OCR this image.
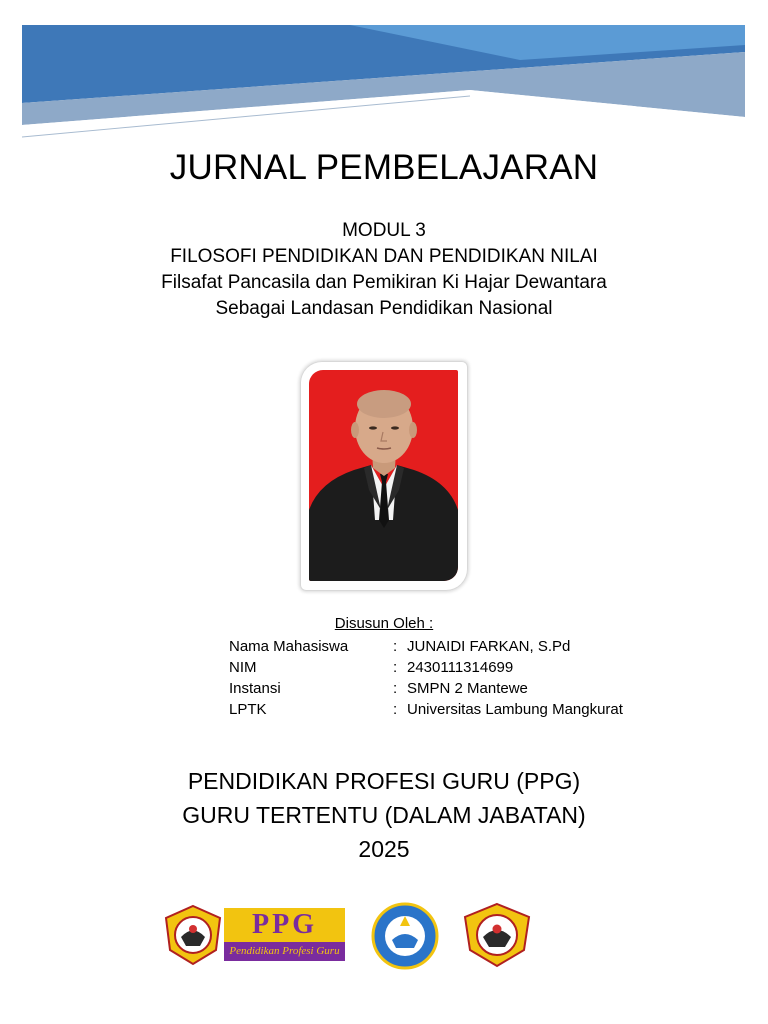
JURNAL PEMBELAJARAN
MODUL 3
FILOSOFI PENDIDIKAN DAN PENDIDIKAN NILAI
Filsafat Pancasila dan Pemikiran Ki Hajar Dewantara
Sebagai Landasan Pendidikan Nasional
Disusun Oleh :
Nama Mahasiswa	: JUNAIDI FARKAN, S.Pd
NIM	: 2430111314699
Instansi	: SMPN 2 Mantewe
LPTK	: Universitas Lambung Mangkurat
PENDIDIKAN PROFESI GURU (PPG)
GURU TERTENTU (DALAM JABATAN)
2025
PPG
Pendidikan Profesi Guru
